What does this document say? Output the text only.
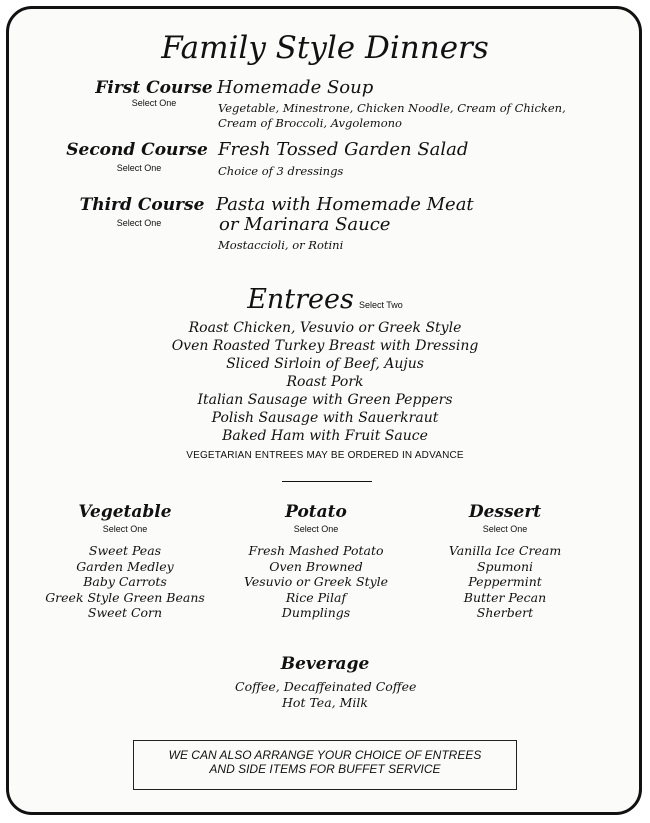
Family Style Dinners
First Course
Select One
Homemade Soup
Vegetable, Minestrone, Chicken Noodle, Cream of Chicken,
Cream of Broccoli, Avgolemono
Second Course
Select One
Fresh Tossed Garden Salad
Choice of 3 dressings
Third Course
Select One
Pasta with Homemade Meat
or Marinara Sauce
Mostaccioli, or Rotini
Entrees Select Two
Roast Chicken, Vesuvio or Greek Style
Oven Roasted Turkey Breast with Dressing
Sliced Sirloin of Beef, Aujus
Roast Pork
Italian Sausage with Green Peppers
Polish Sausage with Sauerkraut
Baked Ham with Fruit Sauce
VEGETARIAN ENTREES MAY BE ORDERED IN ADVANCE
Vegetable
Select One
Sweet Peas
Garden Medley
Baby Carrots
Greek Style Green Beans
Sweet Corn
Potato
Select One
Fresh Mashed Potato
Oven Browned
Vesuvio or Greek Style
Rice Pilaf
Dumplings
Dessert
Select One
Vanilla Ice Cream
Spumoni
Peppermint
Butter Pecan
Sherbert
Beverage
Coffee, Decaffeinated Coffee
Hot Tea, Milk
WE CAN ALSO ARRANGE YOUR CHOICE OF ENTREES
AND SIDE ITEMS FOR BUFFET SERVICE
